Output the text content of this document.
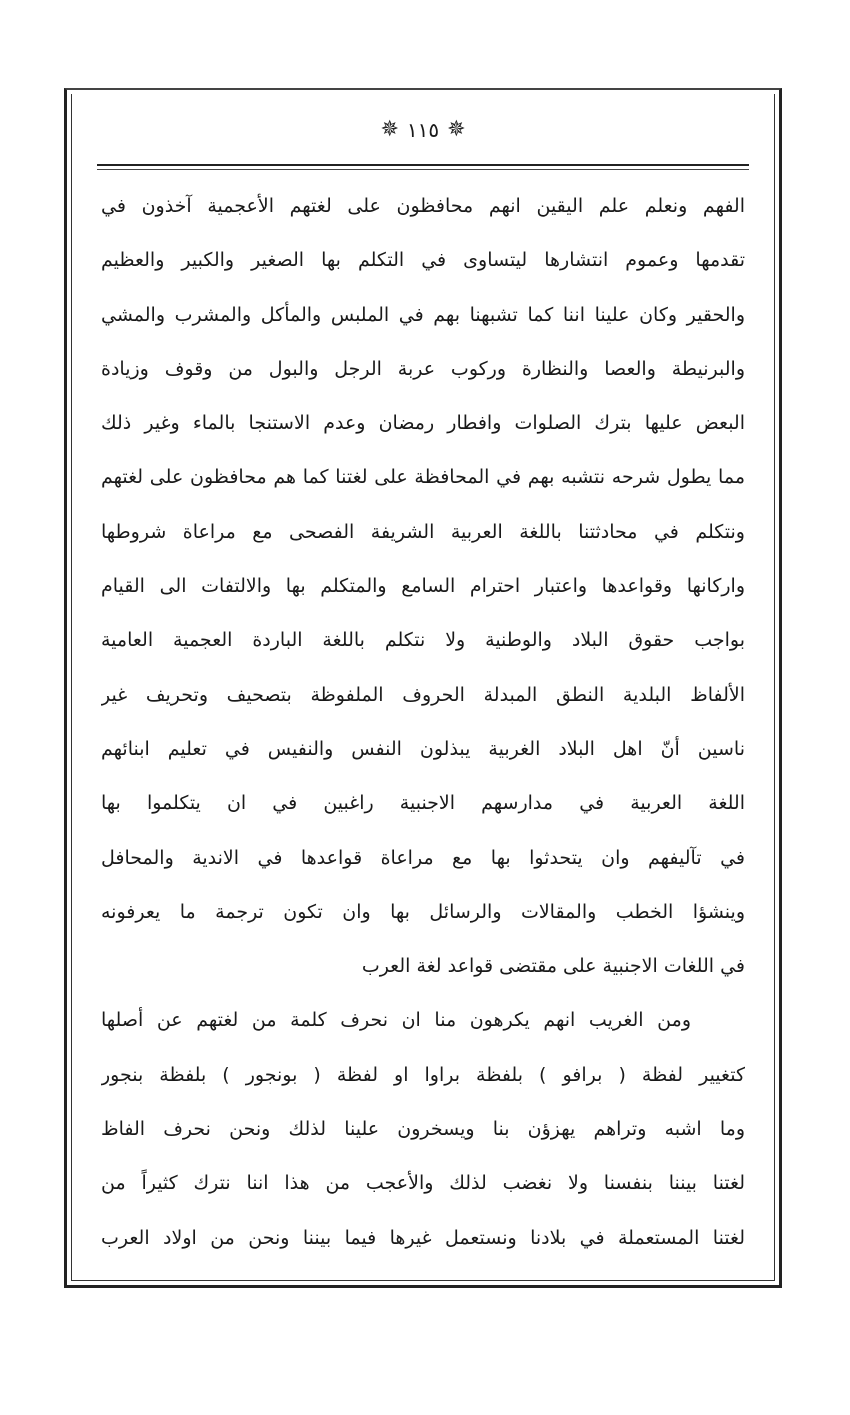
✵ ١١٥ ✵
الفهم ونعلم علم اليقين انهم محافظون على لغتهم الأعجمية آخذون في
تقدمها وعموم انتشارها ليتساوى في التكلم بها الصغير والكبير والعظيم
والحقير وكان علينا اننا كما تشبهنا بهم في الملبس والمأكل والمشرب والمشي
والبرنيطة والعصا والنظارة وركوب عربة الرجل والبول من وقوف وزيادة
البعض عليها بترك الصلوات وافطار رمضان وعدم الاستنجا بالماء وغير ذلك
مما يطول شرحه نتشبه بهم في المحافظة على لغتنا كما هم محافظون على لغتهم
ونتكلم في محادثتنا باللغة العربية الشريفة الفصحى مع مراعاة شروطها
واركانها وقواعدها واعتبار احترام السامع والمتكلم بها والالتفات الى القيام
بواجب حقوق البلاد والوطنية ولا نتكلم باللغة الباردة العجمية العامية
الألفاظ البلدية النطق المبدلة الحروف الملفوظة بتصحيف وتحريف غير
ناسين أنّ اهل البلاد الغربية يبذلون النفس والنفيس في تعليم ابنائهم
اللغة العربية في مدارسهم الاجنبية راغبين في ان يتكلموا بها
في تآليفهم وان يتحدثوا بها مع مراعاة قواعدها في الاندية والمحافل
وينشؤا الخطب والمقالات والرسائل بها وان تكون ترجمة ما يعرفونه
في اللغات الاجنبية على مقتضى قواعد لغة العرب
ومن الغريب انهم يكرهون منا ان نحرف كلمة من لغتهم عن أصلها
كتغيير لفظة ( برافو ) بلفظة براوا او لفظة ( بونجور ) بلفظة بنجور
وما اشبه وتراهم يهزؤن بنا ويسخرون علينا لذلك ونحن نحرف الفاظ
لغتنا بيننا بنفسنا ولا نغضب لذلك والأعجب من هذا اننا نترك كثيراً من
لغتنا المستعملة في بلادنا ونستعمل غيرها فيما بيننا ونحن من اولاد العرب
